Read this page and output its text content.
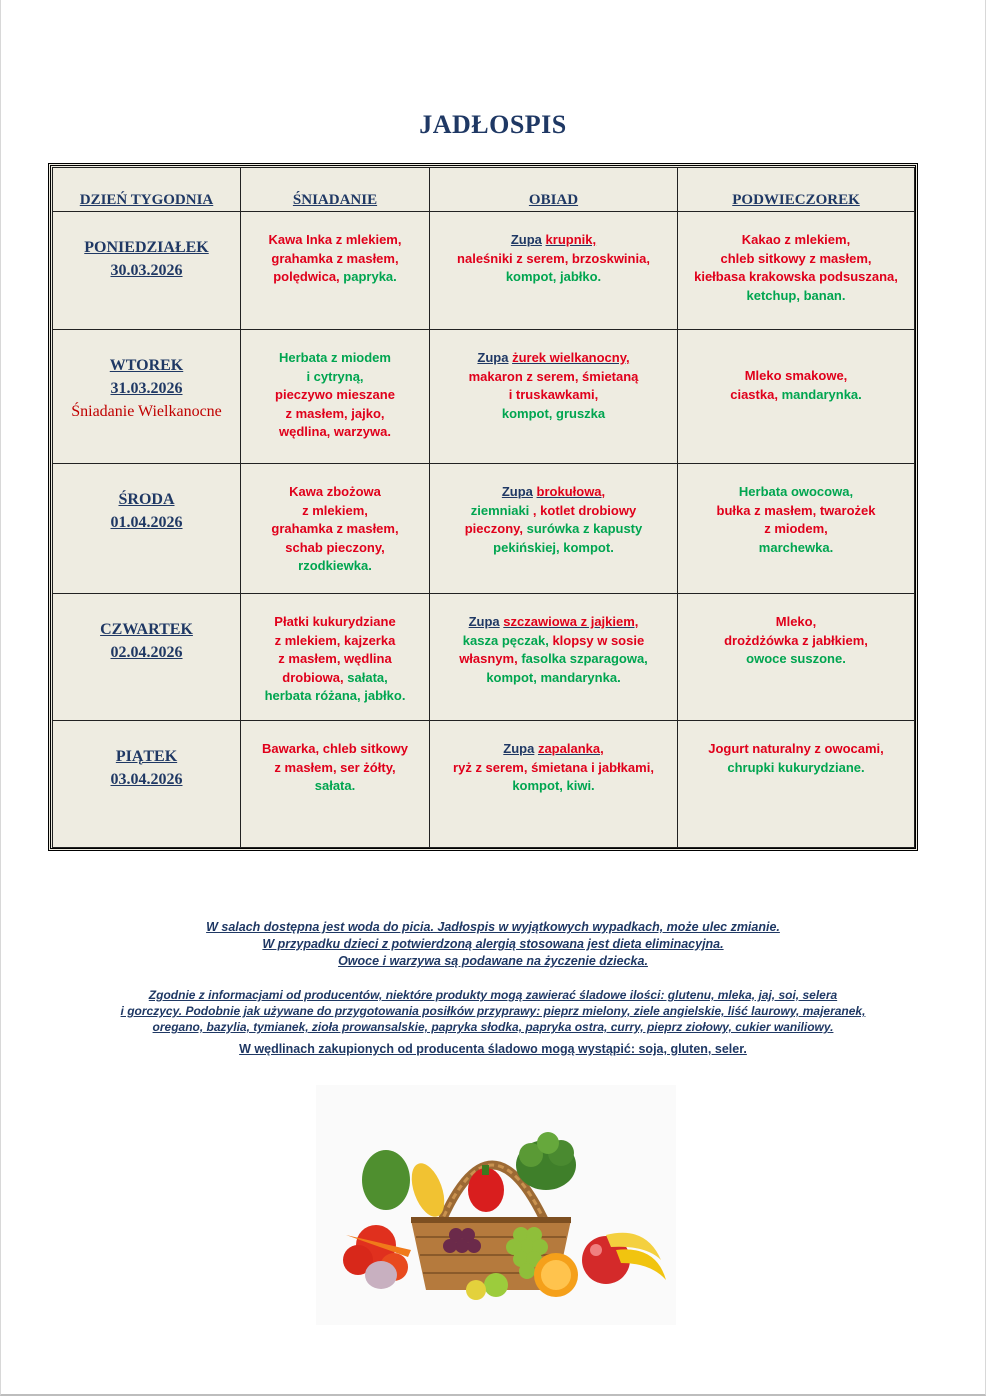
JADŁOSPIS
DZIEŃ TYGODNIA	ŚNIADANIE	OBIAD	PODWIECZOREK

PONIEDZIAŁEK
30.03.2026	Kawa Inka z mlekiem,
grahamka z masłem,
polędwica, papryka.	Zupa krupnik,
naleśniki z serem, brzoskwinia,
kompot, jabłko.	Kakao z mlekiem,
chleb sitkowy z masłem,
kiełbasa krakowska podsuszana,
ketchup, banan.

WTOREK
31.03.2026
Śniadanie Wielkanocne	Herbata z miodem
i cytryną,
pieczywo mieszane
z masłem, jajko,
wędlina, warzywa.	Zupa żurek wielkanocny,
makaron z serem, śmietaną
i truskawkami,
kompot, gruszka	Mleko smakowe,
ciastka, mandarynka.

ŚRODA
01.04.2026	Kawa zbożowa
z mlekiem,
grahamka z masłem,
schab pieczony,
rzodkiewka.	Zupa brokułowa,
ziemniaki , kotlet drobiowy
pieczony, surówka z kapusty
pekińskiej, kompot.	Herbata owocowa,
bułka z masłem, twarożek
z miodem,
marchewka.

CZWARTEK
02.04.2026	Płatki kukurydziane
z mlekiem, kajzerka
z masłem, wędlina
drobiowa, sałata,
herbata różana, jabłko.	Zupa szczawiowa z jajkiem,
kasza pęczak, klopsy w sosie
własnym, fasolka szparagowa,
kompot, mandarynka.	Mleko,
drożdżówka z jabłkiem,
owoce suszone.

PIĄTEK
03.04.2026	Bawarka, chleb sitkowy
z masłem, ser żółty,
sałata.	Zupa zapalanka,
ryż z serem, śmietana i jabłkami,
kompot, kiwi.	Jogurt naturalny z owocami,
chrupki kukurydziane.
W salach dostępna jest woda do picia. Jadłospis w wyjątkowych wypadkach, może ulec zmianie.
W przypadku dzieci z potwierdzoną alergią stosowana jest dieta eliminacyjna.
Owoce i warzywa są podawane na życzenie dziecka.
Zgodnie z informacjami od producentów, niektóre produkty mogą zawierać śladowe ilości: glutenu, mleka, jaj, soi, selera
i gorczycy. Podobnie jak używane do przygotowania posiłków przyprawy: pieprz mielony, ziele angielskie, liść laurowy, majeranek,
oregano, bazylia, tymianek, zioła prowansalskie, papryka słodka, papryka ostra, curry, pieprz ziołowy, cukier waniliowy.
W wędlinach zakupionych od producenta śladowo mogą wystąpić: soja, gluten, seler.
